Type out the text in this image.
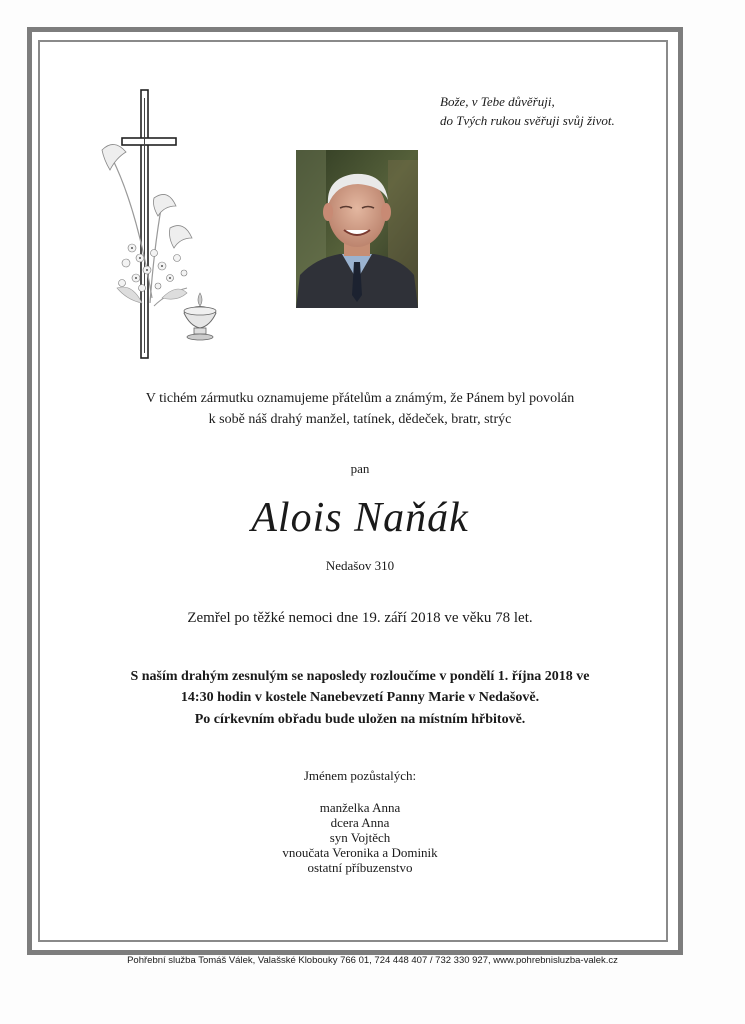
Bože, v Tebe důvěřuji,
do Tvých rukou svěřuji svůj život.
V tichém zármutku oznamujeme přátelům a známým, že Pánem byl povolán
k sobě náš drahý manžel, tatínek, dědeček, bratr, strýc
pan
Alois Naňák
Nedašov 310
Zemřel po těžké nemoci dne 19. září 2018 ve věku 78 let.
S naším drahým zesnulým se naposledy rozloučíme v pondělí 1. října 2018 ve
14:30 hodin v kostele Nanebevzetí Panny Marie v Nedašově.
Po církevním obřadu bude uložen na místním hřbitově.
Jménem pozůstalých:
manželka Anna
dcera Anna
syn Vojtěch
vnoučata Veronika a Dominik
ostatní příbuzenstvo
Pohřební služba Tomáš Válek, Valašské Klobouky 766 01, 724 448 407 / 732 330 927, www.pohrebnisluzba-valek.cz
